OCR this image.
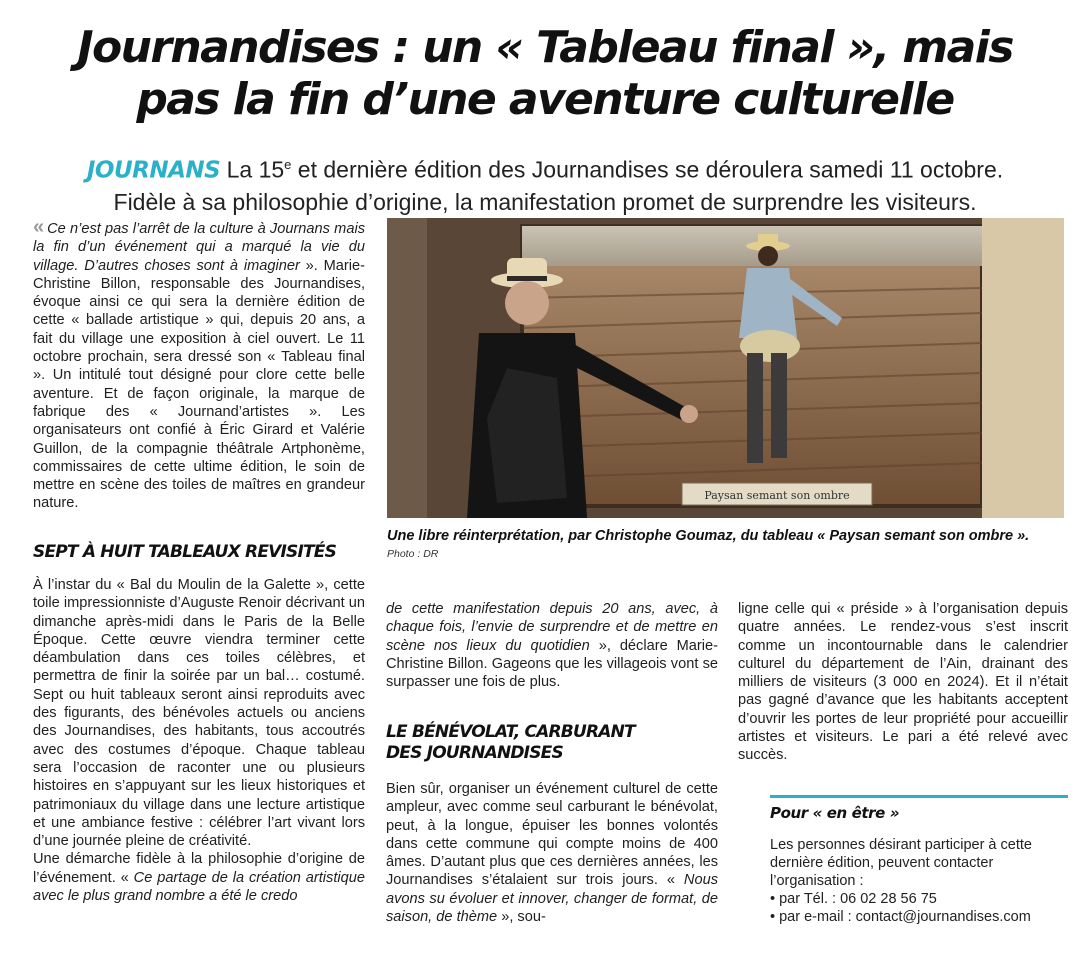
Journandises : un « Tableau final », mais
pas la fin d’une aventure culturelle
JOURNANS La 15e et dernière édition des Journandises se déroulera samedi 11 octobre.
Fidèle à sa philosophie d’origine, la manifestation promet de surprendre les visiteurs.

« Ce n’est pas l’arrêt de la culture à Journans mais la fin d’un événement qui a marqué la vie du village. D’autres choses sont à imaginer ». Marie-Christine Billon, responsable des Journandises, évoque ainsi ce qui sera la dernière édition de cette « ballade artistique » qui, depuis 20 ans, a fait du village une exposition à ciel ouvert. Le 11 octobre prochain, sera dressé son « Tableau final ». Un intitulé tout désigné pour clore cette belle aventure. Et de façon originale, la marque de fabrique des « Journand’artistes ». Les organisateurs ont confié à Éric Girard et Valérie Guillon, de la compagnie théâtrale Artphonème, commissaires de cette ultime édition, le soin de mettre en scène des toiles de maîtres en grandeur nature.	Paysan semant son ombre
Une libre réinterprétation, par Christophe Goumaz, du tableau « Paysan semant son ombre ».
Photo : DR
SEPT À HUIT TABLEAUX REVISITÉS

À l’instar du « Bal du Moulin de la Galette », cette toile impressionniste d’Auguste Renoir décrivant un dimanche après-midi dans le Paris de la Belle Époque. Cette œuvre viendra terminer cette déambulation dans ces toiles célèbres, et permettra de finir la soirée par un bal… costumé. Sept ou huit tableaux seront ainsi reproduits avec des figurants, des bénévoles actuels ou anciens des Journandises, des habitants, tous accoutrés avec des costumes d’époque. Chaque tableau sera l’occasion de raconter une ou plusieurs histoires en s’appuyant sur les lieux historiques et patrimoniaux du village dans une lecture artistique et une ambiance festive : célébrer l’art vivant lors d’une journée pleine de créativité.

Une démarche fidèle à la philosophie d’origine de l’événement. « Ce partage de la création artistique avec le plus grand nombre a été le credo

de cette manifestation depuis 20 ans, avec, à chaque fois, l’envie de surprendre et de mettre en scène nos lieux du quotidien », déclare Marie-Christine Billon. Gageons que les villageois vont se surpasser une fois de plus.

LE BÉNÉVOLAT, CARBURANT
DES JOURNANDISES

Bien sûr, organiser un événement culturel de cette ampleur, avec comme seul carburant le bénévolat, peut, à la longue, épuiser les bonnes volontés dans cette commune qui compte moins de 400 âmes. D’autant plus que ces dernières années, les Journandises s’étalaient sur trois jours. « Nous avons su évoluer et innover, changer de format, de saison, de thème », sou-

ligne celle qui « préside » à l’organisation depuis quatre années. Le rendez-vous s’est inscrit comme un incontournable dans le calendrier culturel du département de l’Ain, drainant des milliers de visiteurs (3 000 en 2024). Et il n’était pas gagné d’avance que les habitants acceptent d’ouvrir les portes de leur propriété pour accueillir artistes et visiteurs. Le pari a été relevé avec succès.

Pour « en être »
Les personnes désirant participer à cette
dernière édition, peuvent contacter
l’organisation :
• par Tél. : 06 02 28 56 75
• par e-mail : contact@journandises.com
